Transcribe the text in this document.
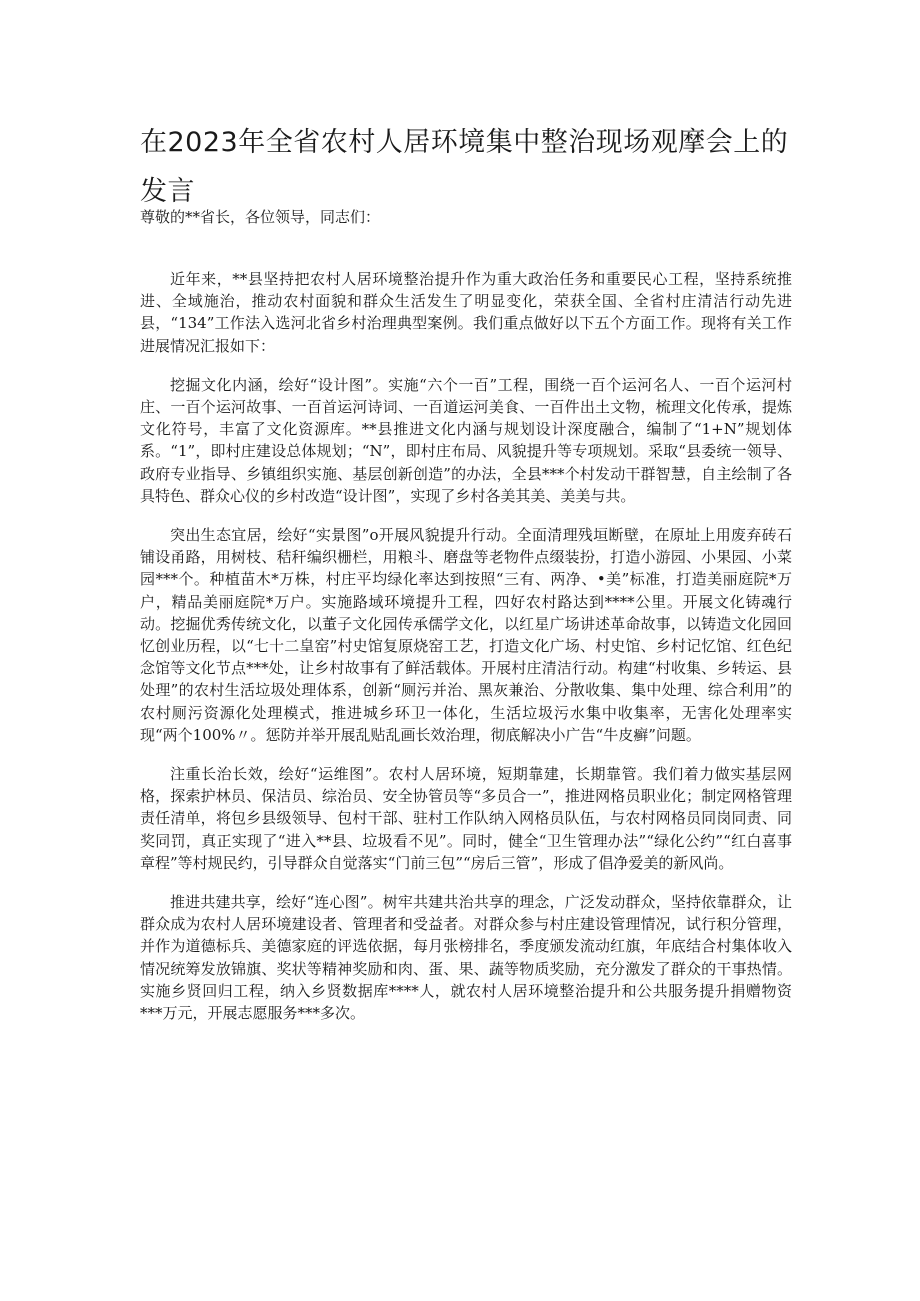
在2023年全省农村人居环境集中整治现场观摩会上的发言

尊敬的**省长，各位领导，同志们：

近年来，**县坚持把农村人居环境整治提升作为重大政治任务和重要民心工程，坚持系统推进、全域施治，推动农村面貌和群众生活发生了明显变化，荣获全国、全省村庄清洁行动先进县，“134”工作法入选河北省乡村治理典型案例。我们重点做好以下五个方面工作。现将有关工作进展情况汇报如下：

挖掘文化内涵，绘好“设计图”。实施“六个一百”工程，围绕一百个运河名人、一百个运河村庄、一百个运河故事、一百首运河诗词、一百道运河美食、一百件出土文物，梳理文化传承，提炼文化符号，丰富了文化资源库。**县推进文化内涵与规划设计深度融合，编制了“1+N”规划体系。“1”，即村庄建设总体规划；“N”，即村庄布局、风貌提升等专项规划。采取“县委统一领导、政府专业指导、乡镇组织实施、基层创新创造”的办法，全县***个村发动干群智慧，自主绘制了各具特色、群众心仪的乡村改造“设计图”，实现了乡村各美其美、美美与共。

突出生态宜居，绘好“实景图”o开展风貌提升行动。全面清理残垣断壁，在原址上用废弃砖石铺设甬路，用树枝、秸秆编织栅栏，用粮斗、磨盘等老物件点缀装扮，打造小游园、小果园、小菜园***个。种植苗木*万株，村庄平均绿化率达到按照“三有、两净、•美”标准，打造美丽庭院*万户，精品美丽庭院*万户。实施路域环境提升工程，四好农村路达到****公里。开展文化铸魂行动。挖掘优秀传统文化，以董子文化园传承儒学文化，以红星广场讲述革命故事，以铸造文化园回忆创业历程，以“七十二皇窑”村史馆复原烧窑工艺，打造文化广场、村史馆、乡村记忆馆、红色纪念馆等文化节点***处，让乡村故事有了鲜活载体。开展村庄清洁行动。构建“村收集、乡转运、县处理”的农村生活垃圾处理体系，创新“厕污并治、黑灰兼治、分散收集、集中处理、综合利用”的农村厕污资源化处理模式，推进城乡环卫一体化，生活垃圾污水集中收集率，无害化处理率实现“两个100%〃。惩防并举开展乱贴乱画长效治理，彻底解决小广告“牛皮癣”问题。

注重长治长效，绘好“运维图”。农村人居环境，短期靠建，长期靠管。我们着力做实基层网格，探索护林员、保洁员、综治员、安全协管员等“多员合一”，推进网格员职业化；制定网格管理责任清单，将包乡县级领导、包村干部、驻村工作队纳入网格员队伍，与农村网格员同岗同责、同奖同罚，真正实现了“进入**县、垃圾看不见”。同时，健全“卫生管理办法”“绿化公约”“红白喜事章程”等村规民约，引导群众自觉落实“门前三包”“房后三管”，形成了倡净爱美的新风尚。

推进共建共享，绘好“连心图”。树牢共建共治共享的理念，广泛发动群众，坚持依靠群众，让群众成为农村人居环境建设者、管理者和受益者。对群众参与村庄建设管理情况，试行积分管理，并作为道德标兵、美德家庭的评选依据，每月张榜排名，季度颁发流动红旗，年底结合村集体收入情况统筹发放锦旗、奖状等精神奖励和肉、蛋、果、蔬等物质奖励，充分激发了群众的干事热情。实施乡贤回归工程，纳入乡贤数据库****人，就农村人居环境整治提升和公共服务提升捐赠物资***万元，开展志愿服务***多次。
